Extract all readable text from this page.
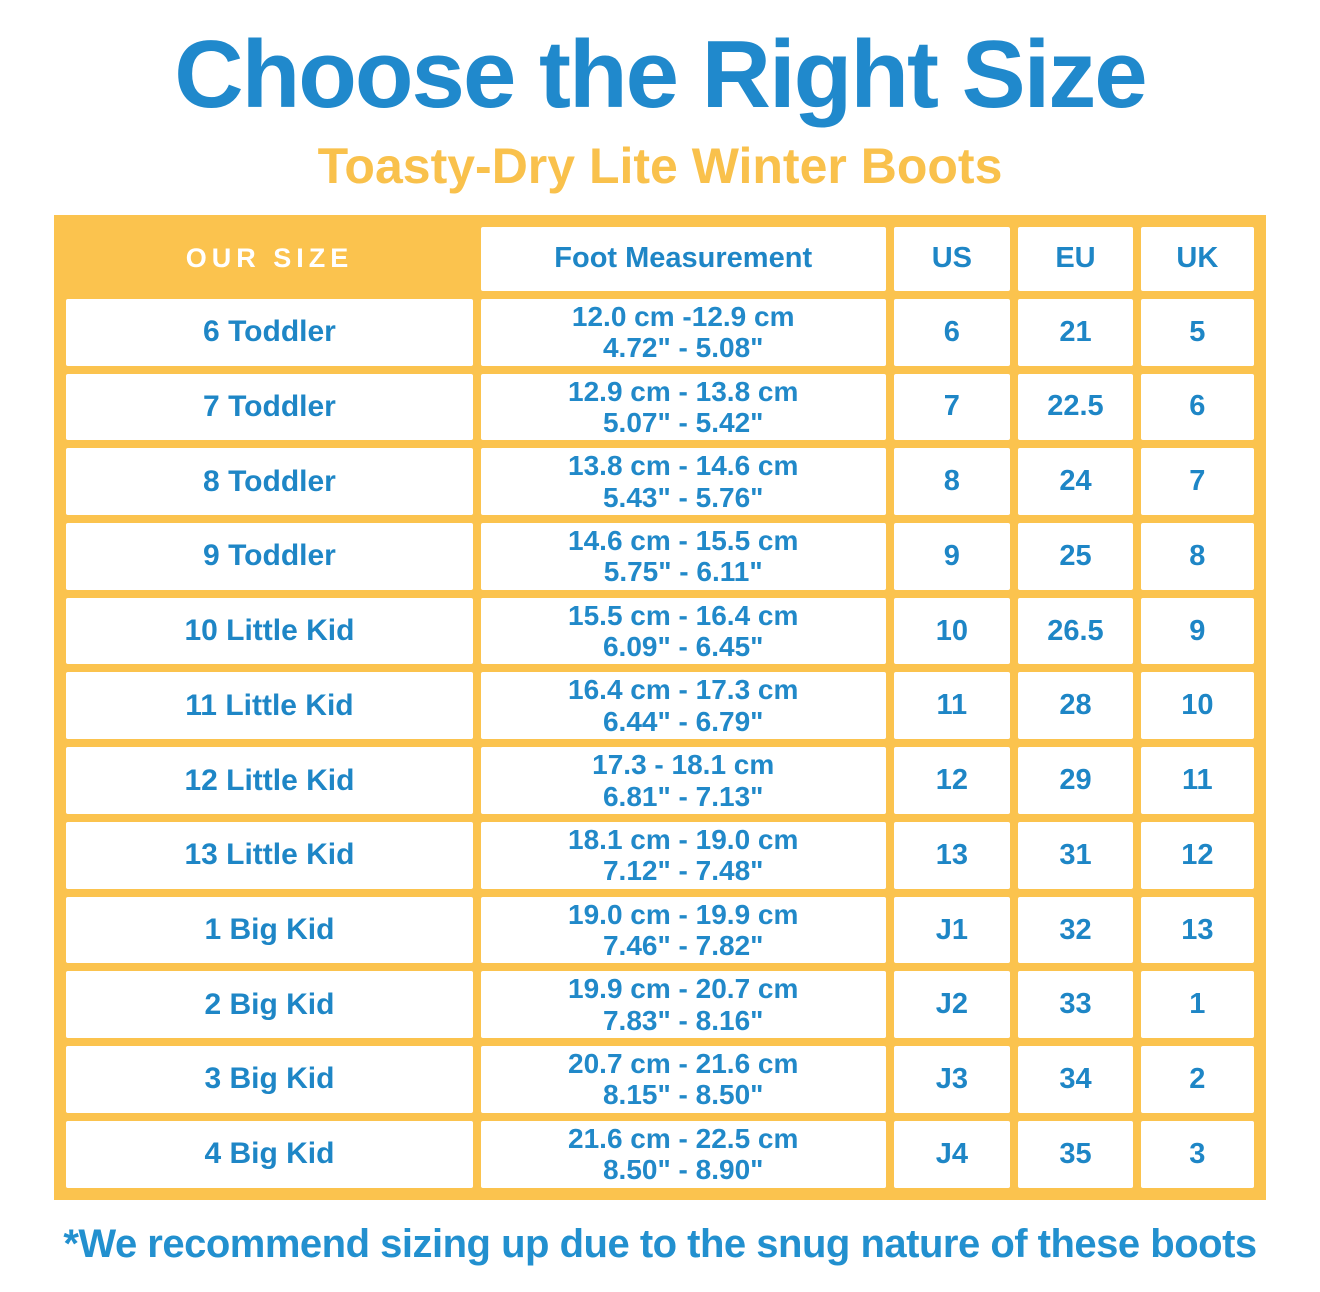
Choose the Right Size
Toasty-Dry Lite Winter Boots
OUR SIZE	Foot Measurement	US	EU	UK
6 Toddler	12.0 cm -12.9 cm
4.72" - 5.08"	6	21	5
7 Toddler	12.9 cm - 13.8 cm
5.07" - 5.42"	7	22.5	6
8 Toddler	13.8 cm - 14.6 cm
5.43" - 5.76"	8	24	7
9 Toddler	14.6 cm - 15.5 cm
5.75" - 6.11"	9	25	8
10 Little Kid	15.5 cm - 16.4 cm
6.09" - 6.45"	10	26.5	9
11 Little Kid	16.4 cm - 17.3 cm
6.44" - 6.79"	11	28	10
12 Little Kid	17.3 - 18.1 cm
6.81" - 7.13"	12	29	11
13 Little Kid	18.1 cm - 19.0 cm
7.12" - 7.48"	13	31	12
1 Big Kid	19.0 cm - 19.9 cm
7.46" - 7.82"	J1	32	13
2 Big Kid	19.9 cm - 20.7 cm
7.83" - 8.16"	J2	33	1
3 Big Kid	20.7 cm - 21.6 cm
8.15" - 8.50"	J3	34	2
4 Big Kid	21.6 cm - 22.5 cm
8.50" - 8.90"	J4	35	3

*We recommend sizing up due to the snug nature of these boots
